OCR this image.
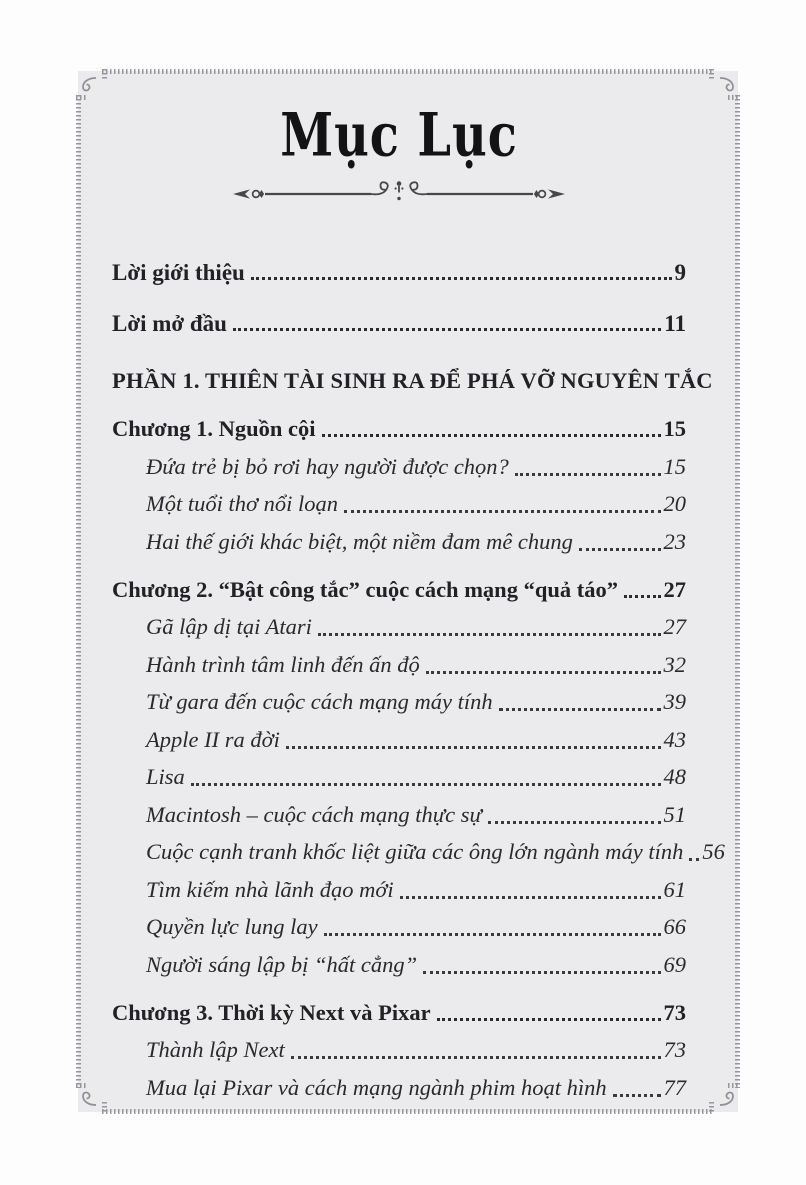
Mục Lục
Lời giới thiệu	9
Lời mở đầu	11
PHẦN 1. THIÊN TÀI SINH RA ĐỂ PHÁ VỠ NGUYÊN TẮC
Chương 1. Nguồn cội	15
Đứa trẻ bị bỏ rơi hay người được chọn?	15
Một tuổi thơ nổi loạn	20
Hai thế giới khác biệt, một niềm đam mê chung	23
Chương 2. “Bật công tắc” cuộc cách mạng “quả táo” 27
Gã lập dị tại Atari	27
Hành trình tâm linh đến ấn độ	32
Từ gara đến cuộc cách mạng máy tính	39
Apple II ra đời	43
Lisa	48
Macintosh – cuộc cách mạng thực sự	51
Cuộc cạnh tranh khốc liệt giữa các ông lớn ngành máy tính 56
Tìm kiếm nhà lãnh đạo mới	61
Quyền lực lung lay	66
Người sáng lập bị “hất cẳng”	69
Chương 3. Thời kỳ Next và Pixar	73
Thành lập Next	73
Mua lại Pixar và cách mạng ngành phim hoạt hình	77
